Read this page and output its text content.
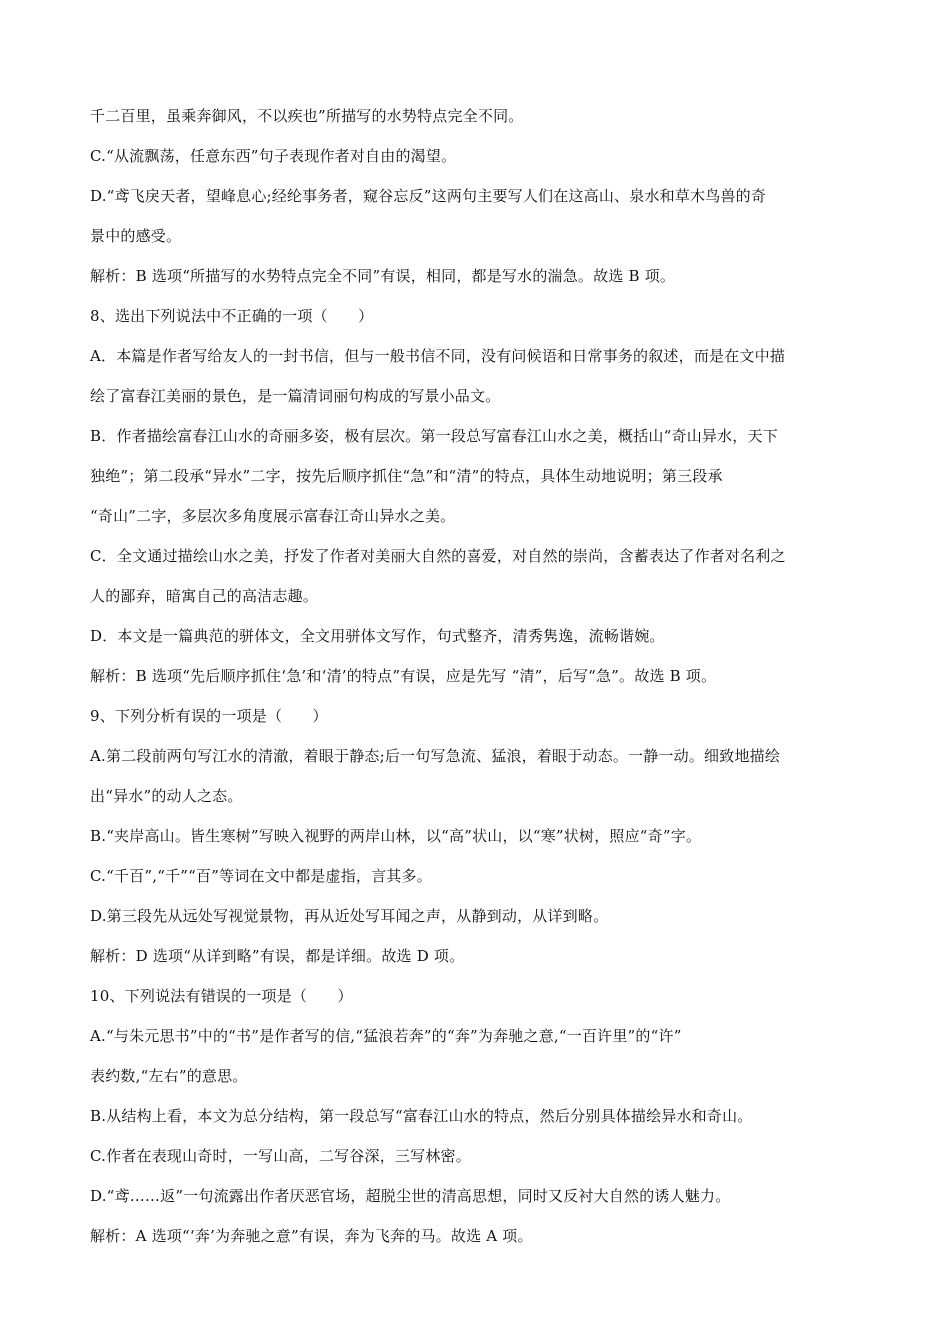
千二百里，虽乘奔御风，不以疾也”所描写的水势特点完全不同。
C.“从流飘荡，任意东西”句子表现作者对自由的渴望。
D.“鸢飞戾天者，望峰息心;经纶事务者，窥谷忘反”这两句主要写人们在这高山、泉水和草木鸟兽的奇
景中的感受。
解析：B 选项“所描写的水势特点完全不同”有误，相同，都是写水的湍急。故选 B 项。
8、选出下列说法中不正确的一项（　　）
A．本篇是作者写给友人的一封书信，但与一般书信不同，没有问候语和日常事务的叙述，而是在文中描
绘了富春江美丽的景色，是一篇清词丽句构成的写景小品文。
B．作者描绘富春江山水的奇丽多姿，极有层次。第一段总写富春江山水之美，概括山“奇山异水，天下
独绝”；第二段承“异水”二字，按先后顺序抓住“急”和“清”的特点，具体生动地说明；第三段承
“奇山”二字，多层次多角度展示富春江奇山异水之美。
C．全文通过描绘山水之美，抒发了作者对美丽大自然的喜爱，对自然的崇尚，含蓄表达了作者对名利之
人的鄙弃，暗寓自己的高洁志趣。
D．本文是一篇典范的骈体文，全文用骈体文写作，句式整齐，清秀隽逸，流畅谐婉。
解析：B 选项“先后顺序抓住‘急’和‘清’的特点”有误，应是先写 “清”，后写“急”。故选 B 项。
9、下列分析有误的一项是（　　）
A.第二段前两句写江水的清澈，着眼于静态;后一句写急流、猛浪，着眼于动态。一静一动。细致地描绘
出“异水”的动人之态。
B.“夹岸高山。皆生寒树”写映入视野的两岸山林，以“高”状山，以“寒”状树，照应“奇”字。
C.“千百”,“千”“百”等词在文中都是虚指，言其多。
D.第三段先从远处写视觉景物，再从近处写耳闻之声，从静到动，从详到略。
解析：D 选项“从详到略”有误，都是详细。故选 D 项。
10、下列说法有错误的一项是（　　）
A.“与朱元思书”中的“书”是作者写的信,“猛浪若奔”的“奔”为奔驰之意,“一百许里”的“许”
表约数,“左右”的意思。
B.从结构上看，本文为总分结构，第一段总写“富春江山水的特点，然后分别具体描绘异水和奇山。
C.作者在表现山奇时，一写山高，二写谷深，三写林密。
D.“鸢……返”一句流露出作者厌恶官场，超脱尘世的清高思想，同时又反衬大自然的诱人魅力。
解析：A 选项“‘奔’为奔驰之意”有误，奔为飞奔的马。故选 A 项。
